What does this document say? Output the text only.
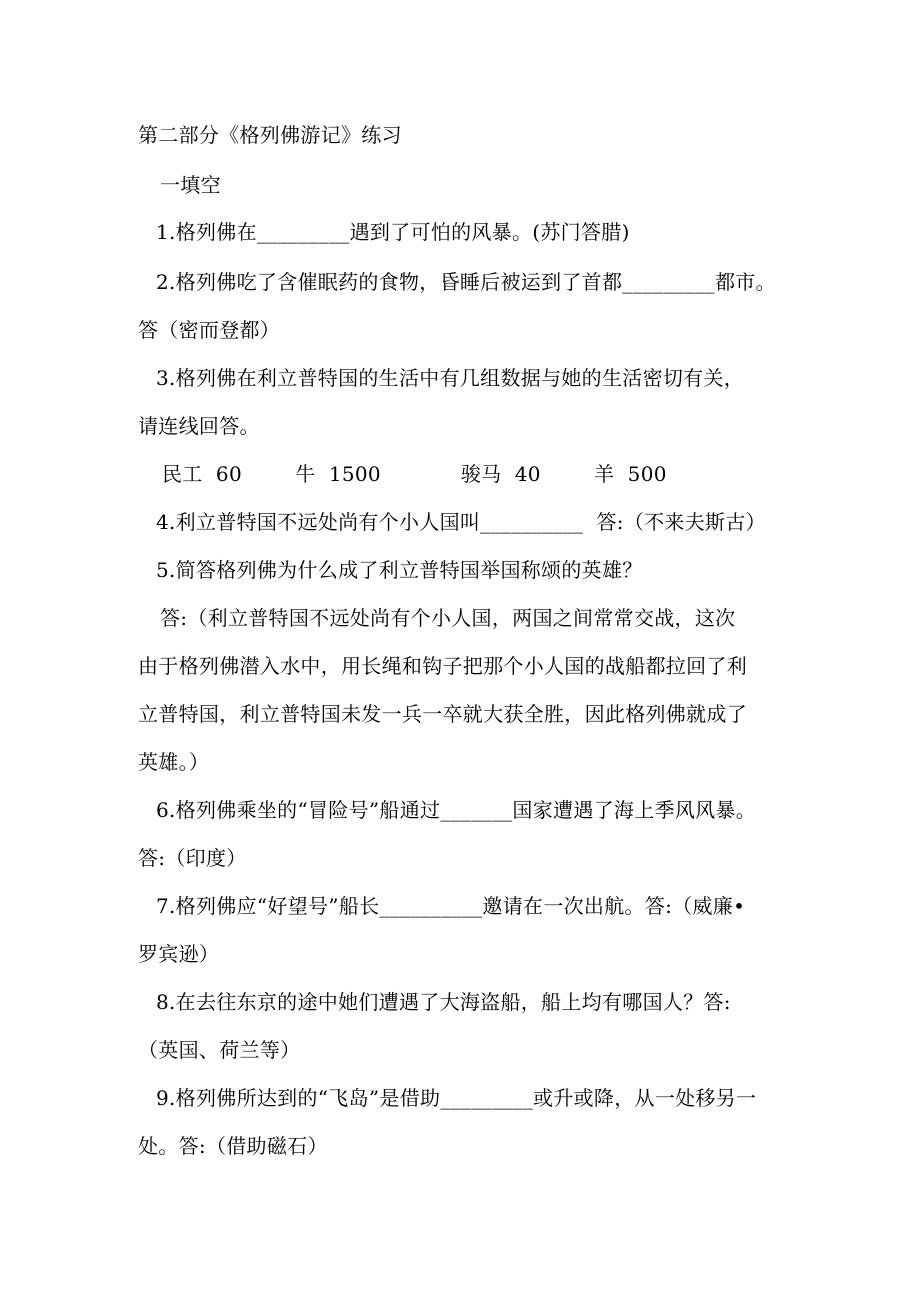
第二部分《格列佛游记》练习
一填空
1.格列佛在_________遇到了可怕的风暴。(苏门答腊)
2.格列佛吃了含催眠药的食物，昏睡后被运到了首都_________都市。
答（密而登都）
3.格列佛在利立普特国的生活中有几组数据与她的生活密切有关，
请连线回答。
民工  60        牛  1500            骏马  40        羊  500
4.利立普特国不远处尚有个小人国叫__________  答:（不来夫斯古）
5.简答格列佛为什么成了利立普特国举国称颂的英雄？
答:（利立普特国不远处尚有个小人国，两国之间常常交战，这次
由于格列佛潜入水中，用长绳和钩子把那个小人国的战船都拉回了利
立普特国，利立普特国未发一兵一卒就大获全胜，因此格列佛就成了
英雄。）
6.格列佛乘坐的“冒险号”船通过_______国家遭遇了海上季风风暴。
答:（印度）
7.格列佛应“好望号”船长__________邀请在一次出航。答:（威廉•
罗宾逊）
8.在去往东京的途中她们遭遇了大海盗船，船上均有哪国人？答:
（英国、荷兰等）
9.格列佛所达到的“飞岛”是借助_________或升或降，从一处移另一
处。答:（借助磁石）
